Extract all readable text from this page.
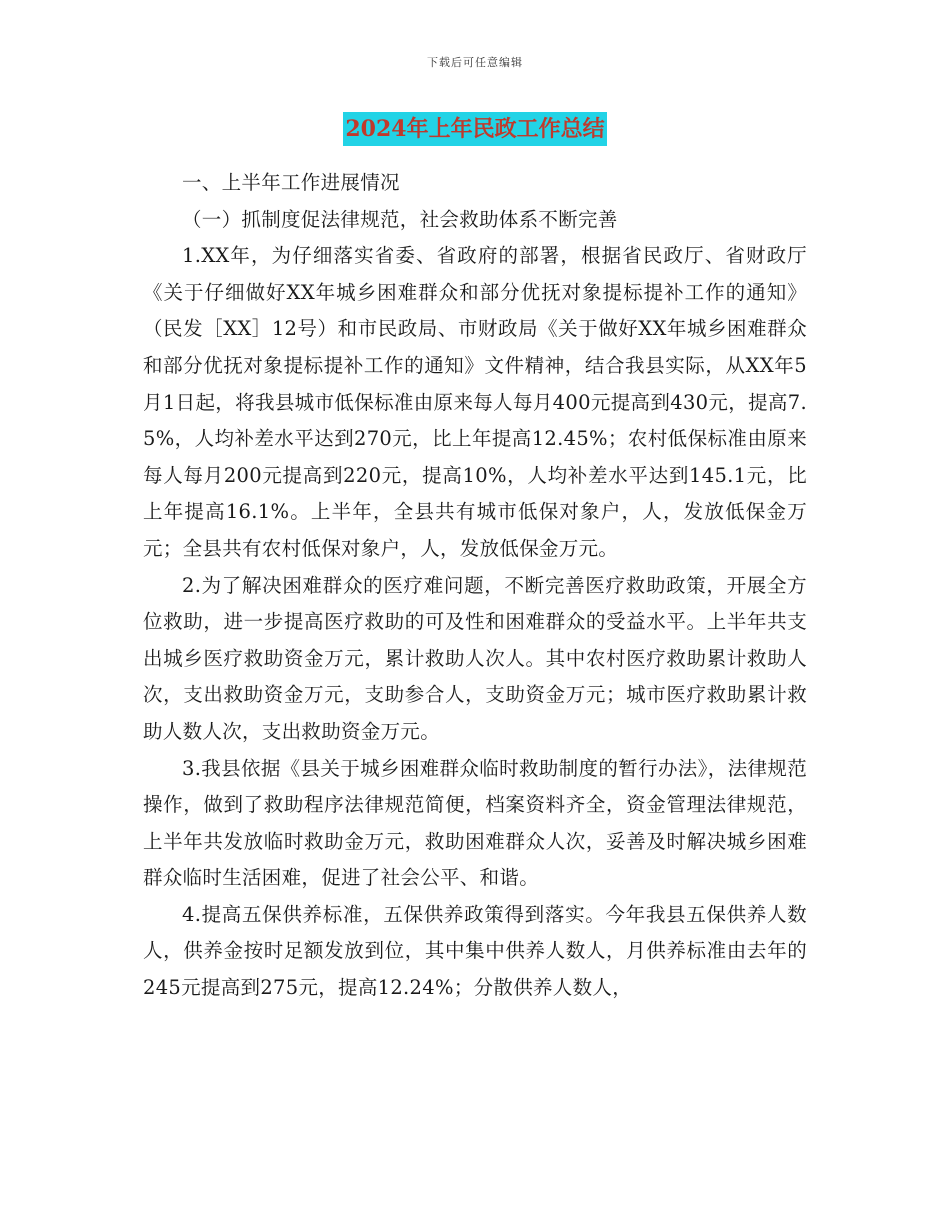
下载后可任意编辑
2024年上年民政工作总结

一、上半年工作进展情况

（一）抓制度促法律规范，社会救助体系不断完善

1.XX年，为仔细落实省委、省政府的部署，根据省民政厅、省财政厅《关于仔细做好XX年城乡困难群众和部分优抚对象提标提补工作的通知》（民发［XX］12号）和市民政局、市财政局《关于做好XX年城乡困难群众和部分优抚对象提标提补工作的通知》文件精神，结合我县实际，从XX年5月1日起，将我县城市低保标准由原来每人每月400元提高到430元，提高7.5%，人均补差水平达到270元，比上年提高12.45%；农村低保标准由原来每人每月200元提高到220元，提高10%，人均补差水平达到145.1元，比上年提高16.1%。上半年，全县共有城市低保对象户，人，发放低保金万元；全县共有农村低保对象户，人，发放低保金万元。

2.为了解决困难群众的医疗难问题，不断完善医疗救助政策，开展全方位救助，进一步提高医疗救助的可及性和困难群众的受益水平。上半年共支出城乡医疗救助资金万元，累计救助人次人。其中农村医疗救助累计救助人次，支出救助资金万元，支助参合人，支助资金万元；城市医疗救助累计救助人数人次，支出救助资金万元。

3.我县依据《县关于城乡困难群众临时救助制度的暂行办法》，法律规范操作，做到了救助程序法律规范简便，档案资料齐全，资金管理法律规范，上半年共发放临时救助金万元，救助困难群众人次，妥善及时解决城乡困难群众临时生活困难，促进了社会公平、和谐。

4.提高五保供养标准，五保供养政策得到落实。今年我县五保供养人数人，供养金按时足额发放到位，其中集中供养人数人，月供养标准由去年的245元提高到275元，提高12.24%；分散供养人数人，
